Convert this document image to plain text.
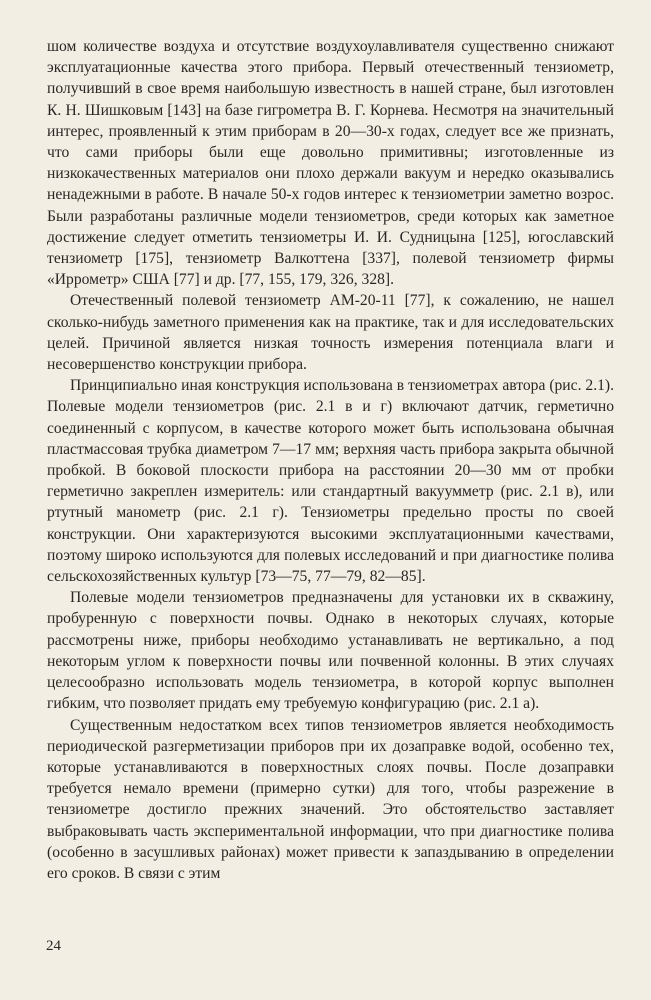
шом количестве воздуха и отсутствие воздухоулавливателя существенно снижают эксплуатационные качества этого прибора. Первый отечественный тензиометр, получивший в свое время наибольшую известность в нашей стране, был изготовлен К. Н. Шишковым [143] на базе гигрометра В. Г. Корнева. Несмотря на значительный интерес, проявленный к этим приборам в 20—30-х годах, следует все же признать, что сами приборы были еще довольно примитивны; изготовленные из низкокачественных материалов они плохо держали вакуум и нередко оказывались ненадежными в работе. В начале 50-х годов интерес к тензиометрии заметно возрос. Были разработаны различные модели тензиометров, среди которых как заметное достижение следует отметить тензиометры И. И. Судницына [125], югославский тензиометр [175], тензиометр Валкоттена [337], полевой тензиометр фирмы «Иррометр» США [77] и др. [77, 155, 179, 326, 328].

Отечественный полевой тензиометр АМ-20-11 [77], к сожалению, не нашел сколько-нибудь заметного применения как на практике, так и для исследовательских целей. Причиной является низкая точность измерения потенциала влаги и несовершенство конструкции прибора.

Принципиально иная конструкция использована в тензиометрах автора (рис. 2.1). Полевые модели тензиометров (рис. 2.1 в и г) включают датчик, герметично соединенный с корпусом, в качестве которого может быть использована обычная пластмассовая трубка диаметром 7—17 мм; верхняя часть прибора закрыта обычной пробкой. В боковой плоскости прибора на расстоянии 20—30 мм от пробки герметично закреплен измеритель: или стандартный вакуумметр (рис. 2.1 в), или ртутный манометр (рис. 2.1 г). Тензиометры предельно просты по своей конструкции. Они характеризуются высокими эксплуатационными качествами, поэтому широко используются для полевых исследований и при диагностике полива сельскохозяйственных культур [73—75, 77—79, 82—85].

Полевые модели тензиометров предназначены для установки их в скважину, пробуренную с поверхности почвы. Однако в некоторых случаях, которые рассмотрены ниже, приборы необходимо устанавливать не вертикально, а под некоторым углом к поверхности почвы или почвенной колонны. В этих случаях целесообразно использовать модель тензиометра, в которой корпус выполнен гибким, что позволяет придать ему требуемую конфигурацию (рис. 2.1 а).

Существенным недостатком всех типов тензиометров является необходимость периодической разгерметизации приборов при их дозаправке водой, особенно тех, которые устанавливаются в поверхностных слоях почвы. После дозаправки требуется немало времени (примерно сутки) для того, чтобы разрежение в тензиометре достигло прежних значений. Это обстоятельство заставляет выбраковывать часть экспериментальной информации, что при диагностике полива (особенно в засушливых районах) может привести к запаздыванию в определении его сроков. В связи с этим

24
